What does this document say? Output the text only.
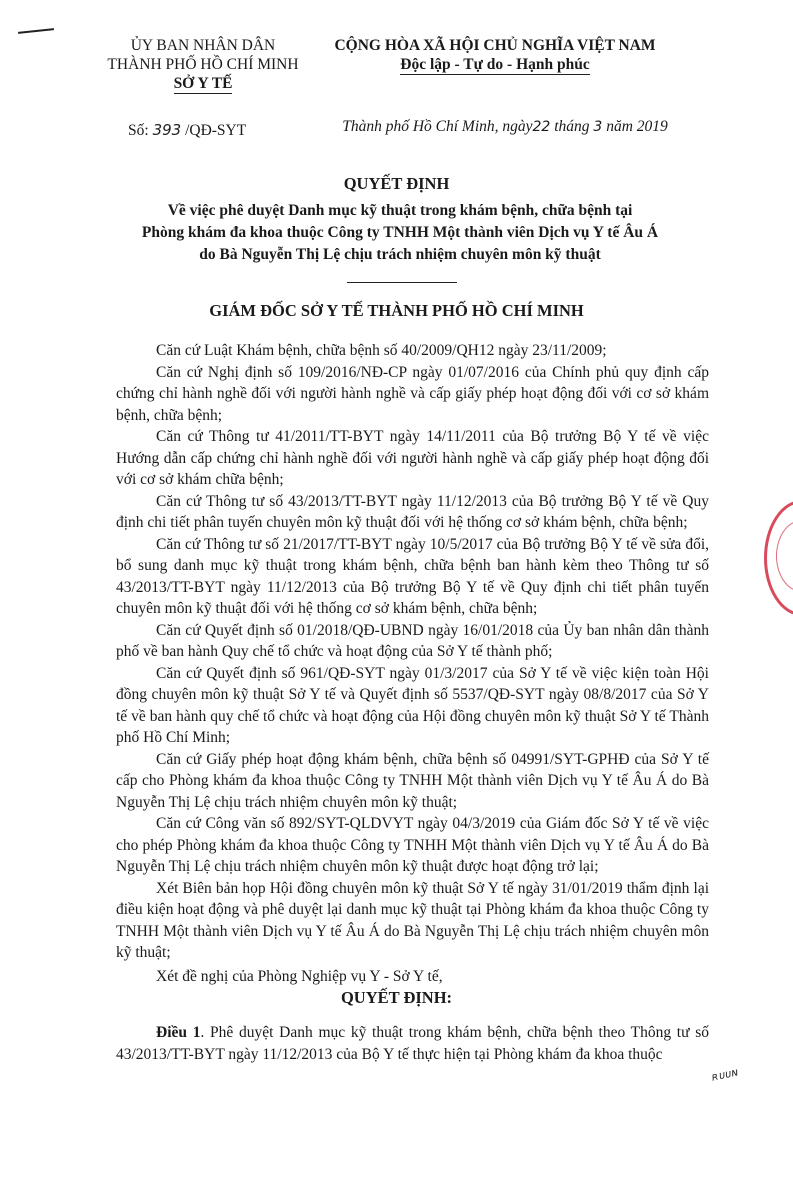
ỦY BAN NHÂN DÂN
THÀNH PHỐ HỒ CHÍ MINH
SỞ Y TẾ
CỘNG HÒA XÃ HỘI CHỦ NGHĨA VIỆT NAM
Độc lập - Tự do - Hạnh phúc
Số: 393 /QĐ-SYT	Thành phố Hồ Chí Minh, ngày22 tháng 3 năm 2019
QUYẾT ĐỊNH
Về việc phê duyệt Danh mục kỹ thuật trong khám bệnh, chữa bệnh tại
Phòng khám đa khoa thuộc Công ty TNHH Một thành viên Dịch vụ Y tế Âu Á
do Bà Nguyễn Thị Lệ chịu trách nhiệm chuyên môn kỹ thuật
GIÁM ĐỐC SỞ Y TẾ THÀNH PHỐ HỒ CHÍ MINH

Căn cứ Luật Khám bệnh, chữa bệnh số 40/2009/QH12 ngày 23/11/2009;

Căn cứ Nghị định số 109/2016/NĐ-CP ngày 01/07/2016 của Chính phủ quy định cấp chứng chỉ hành nghề đối với người hành nghề và cấp giấy phép hoạt động đối với cơ sở khám bệnh, chữa bệnh;

Căn cứ Thông tư 41/2011/TT-BYT ngày 14/11/2011 của Bộ trưởng Bộ Y tế về việc Hướng dẫn cấp chứng chỉ hành nghề đối với người hành nghề và cấp giấy phép hoạt động đối với cơ sở khám chữa bệnh;

Căn cứ Thông tư số 43/2013/TT-BYT ngày 11/12/2013 của Bộ trưởng Bộ Y tế về Quy định chi tiết phân tuyến chuyên môn kỹ thuật đối với hệ thống cơ sở khám bệnh, chữa bệnh;

Căn cứ Thông tư số 21/2017/TT-BYT ngày 10/5/2017 của Bộ trưởng Bộ Y tế về sửa đổi, bổ sung danh mục kỹ thuật trong khám bệnh, chữa bệnh ban hành kèm theo Thông tư số 43/2013/TT-BYT ngày 11/12/2013 của Bộ trưởng Bộ Y tế về Quy định chi tiết phân tuyến chuyên môn kỹ thuật đối với hệ thống cơ sở khám bệnh, chữa bệnh;

Căn cứ Quyết định số 01/2018/QĐ-UBND ngày 16/01/2018 của Ủy ban nhân dân thành phố về ban hành Quy chế tổ chức và hoạt động của Sở Y tế thành phố;

Căn cứ Quyết định số 961/QĐ-SYT ngày 01/3/2017 của Sở Y tế về việc kiện toàn Hội đồng chuyên môn kỹ thuật Sở Y tế và Quyết định số 5537/QĐ-SYT ngày 08/8/2017 của Sở Y tế về ban hành quy chế tổ chức và hoạt động của Hội đồng chuyên môn kỹ thuật Sở Y tế Thành phố Hồ Chí Minh;

Căn cứ Giấy phép hoạt động khám bệnh, chữa bệnh số 04991/SYT-GPHĐ của Sở Y tế cấp cho Phòng khám đa khoa thuộc Công ty TNHH Một thành viên Dịch vụ Y tế Âu Á do Bà Nguyễn Thị Lệ chịu trách nhiệm chuyên môn kỹ thuật;

Căn cứ Công văn số 892/SYT-QLDVYT ngày 04/3/2019 của Giám đốc Sở Y tế về việc cho phép Phòng khám đa khoa thuộc Công ty TNHH Một thành viên Dịch vụ Y tế Âu Á do Bà Nguyễn Thị Lệ chịu trách nhiệm chuyên môn kỹ thuật được hoạt động trở lại;

Xét Biên bản họp Hội đồng chuyên môn kỹ thuật Sở Y tế ngày 31/01/2019 thẩm định lại điều kiện hoạt động và phê duyệt lại danh mục kỹ thuật tại Phòng khám đa khoa thuộc Công ty TNHH Một thành viên Dịch vụ Y tế Âu Á do Bà Nguyễn Thị Lệ chịu trách nhiệm chuyên môn kỹ thuật;

Xét đề nghị của Phòng Nghiệp vụ Y - Sở Y tế,

QUYẾT ĐỊNH:
Điều 1. Phê duyệt Danh mục kỹ thuật trong khám bệnh, chữa bệnh theo Thông tư số 43/2013/TT-BYT ngày 11/12/2013 của Bộ Y tế thực hiện tại Phòng khám đa khoa thuộc
ʀᴜᴜɴ
